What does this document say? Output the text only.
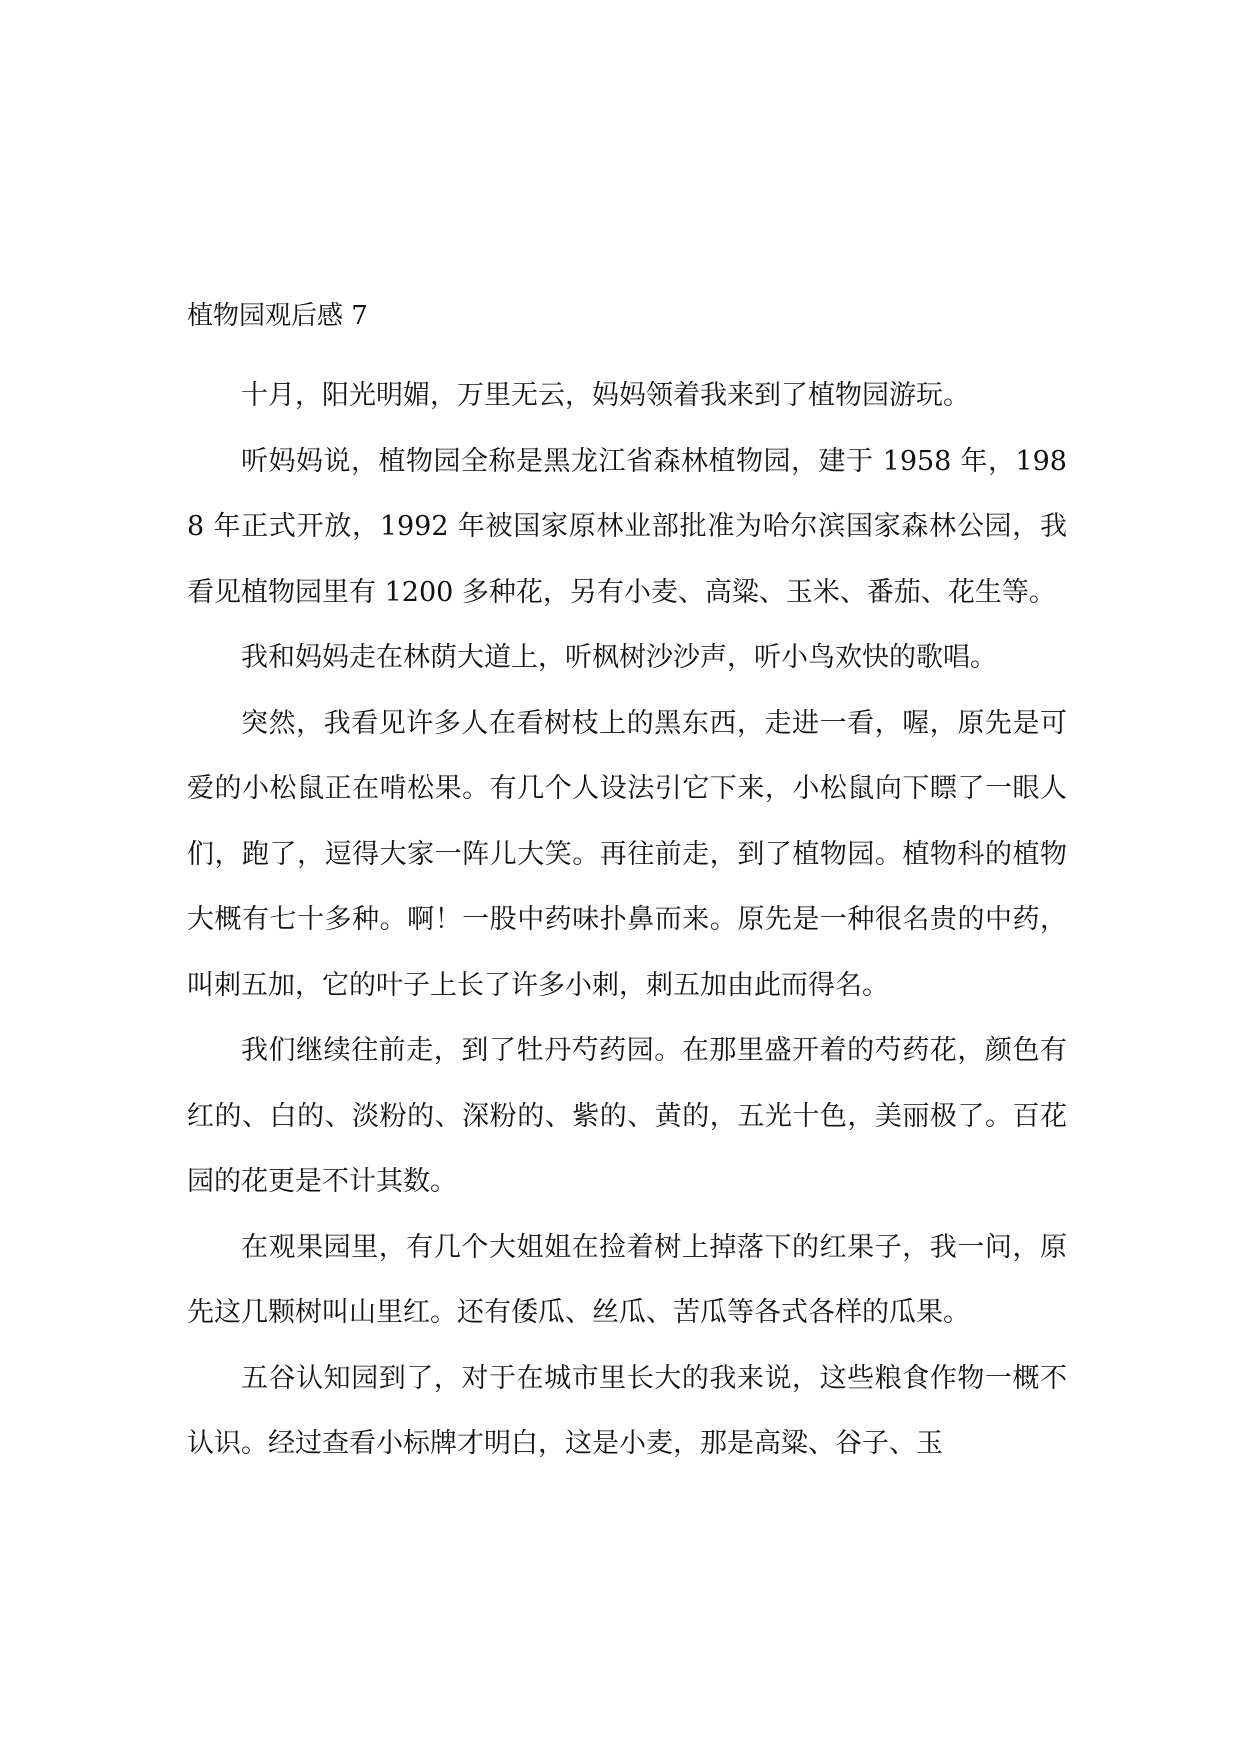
植物园观后感 7

十月，阳光明媚，万里无云，妈妈领着我来到了植物园游玩。

听妈妈说，植物园全称是黑龙江省森林植物园，建于 1958 年，1988 年正式开放，1992 年被国家原林业部批准为哈尔滨国家森林公园，我看见植物园里有 1200 多种花，另有小麦、高粱、玉米、番茄、花生等。

我和妈妈走在林荫大道上，听枫树沙沙声，听小鸟欢快的歌唱。

突然，我看见许多人在看树枝上的黑东西，走进一看，喔，原先是可爱的小松鼠正在啃松果。有几个人设法引它下来，小松鼠向下瞟了一眼人们，跑了，逗得大家一阵儿大笑。再往前走，到了植物园。植物科的植物大概有七十多种。啊！一股中药味扑鼻而来。原先是一种很名贵的中药，叫刺五加，它的叶子上长了许多小刺，刺五加由此而得名。

我们继续往前走，到了牡丹芍药园。在那里盛开着的芍药花，颜色有红的、白的、淡粉的、深粉的、紫的、黄的，五光十色，美丽极了。百花园的花更是不计其数。

在观果园里，有几个大姐姐在捡着树上掉落下的红果子，我一问，原先这几颗树叫山里红。还有倭瓜、丝瓜、苦瓜等各式各样的瓜果。

五谷认知园到了，对于在城市里长大的我来说，这些粮食作物一概不认识。经过查看小标牌才明白，这是小麦，那是高粱、谷子、玉
